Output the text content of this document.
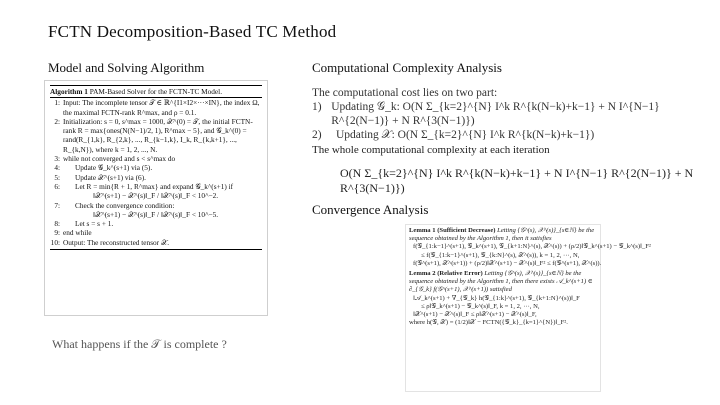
FCTN Decomposition-Based TC Method
Model and Solving Algorithm	Computational Complexity Analysis
Algorithm 1 PAM-Based Solver for the FCTN-TC Model.
1: Input: The incomplete tensor 𝒯 ∈ ℝ^{I1×I2×···×IN}, the index Ω, the maximal FCTN-rank R^max, and ρ = 0.1.
2: Initialization: s = 0, s^max = 1000, 𝒳^(0) = 𝒯, the initial FCTN-rank R = max{ones(N(N−1)/2, 1), R^max − 5}, and 𝒢_k^(0) = rand(R_{1,k}, R_{2,k}, ..., R_{k−1,k}, I_k, R_{k,k+1}, ..., R_{k,N}), where k = 1, 2, ..., N.
3: while not converged and s < s^max do
4:	Update 𝒢_k^(s+1) via (5).
5:	Update 𝒳^(s+1) via (6).
6:	Let R = min{R + 1, R^max} and expand 𝒢_k^(s+1) if
‖𝒳^(s+1) − 𝒳^(s)‖_F / ‖𝒳^(s)‖_F < 10^−2.
7:	Check the convergence condition:
‖𝒳^(s+1) − 𝒳^(s)‖_F / ‖𝒳^(s)‖_F < 10^−5.
8:	Let s = s + 1.
9: end while
10: Output: The reconstructed tensor 𝒳.
What happens if the 𝒯 is complete ?
The computational cost lies on two part:
1) Updating 𝒢_k: O(N Σ_{k=2}^{N} I^k R^{k(N−k)+k−1} + N I^{N−1} R^{2(N−1)} + N R^{3(N−1)})
2)	Updating 𝒳: O(N Σ_{k=2}^{N} I^k R^{k(N−k)+k−1})
The whole computational complexity at each iteration
O(N Σ_{k=2}^{N} I^k R^{k(N−k)+k−1} + N I^{N−1} R^{2(N−1)} + N R^{3(N−1)})
Convergence Analysis
Lemma 1 (Sufficient Decrease) Letting {𝒢^(s), 𝒳^(s)}_{s∈ℕ} be the sequence obtained by the Algorithm 1, then it satisfies
f(𝒢_{1:k−1}^(s+1), 𝒢_k^(s+1), 𝒢_{k+1:N}^(s), 𝒳^(s)) + (ρ/2)‖𝒢_k^(s+1) − 𝒢_k^(s)‖_F²
≤ f(𝒢_{1:k−1}^(s+1), 𝒢_{k:N}^(s), 𝒳^(s)), k = 1, 2, ···, N,
f(𝒢^(s+1), 𝒳^(s+1)) + (ρ/2)‖𝒳^(s+1) − 𝒳^(s)‖_F² ≤ f(𝒢^(s+1), 𝒳^(s)).
Lemma 2 (Relative Error) Letting {𝒢^(s), 𝒳^(s)}_{s∈ℕ} be the sequence obtained by the Algorithm 1, then there exists 𝒜_k^(s+1) ∈ ∂_{𝒢_k} f(𝒢^(s+1), 𝒳^(s+1)) satisfied
‖𝒜_k^(s+1) + ∇_{𝒢_k} h(𝒢_{1:k}^(s+1), 𝒢_{k+1:N}^(s))‖_F
≤ ρ‖𝒢_k^(s+1) − 𝒢_k^(s)‖_F, k = 1, 2, ···, N,
‖𝒳^(s+1) − 𝒳^(s)‖_F ≤ ρ‖𝒳^(s+1) − 𝒳^(s)‖_F,
where h(𝒢, 𝒳) = (1/2)‖𝒳 − FCTN({𝒢_k}_{k=1}^{N})‖_F².
